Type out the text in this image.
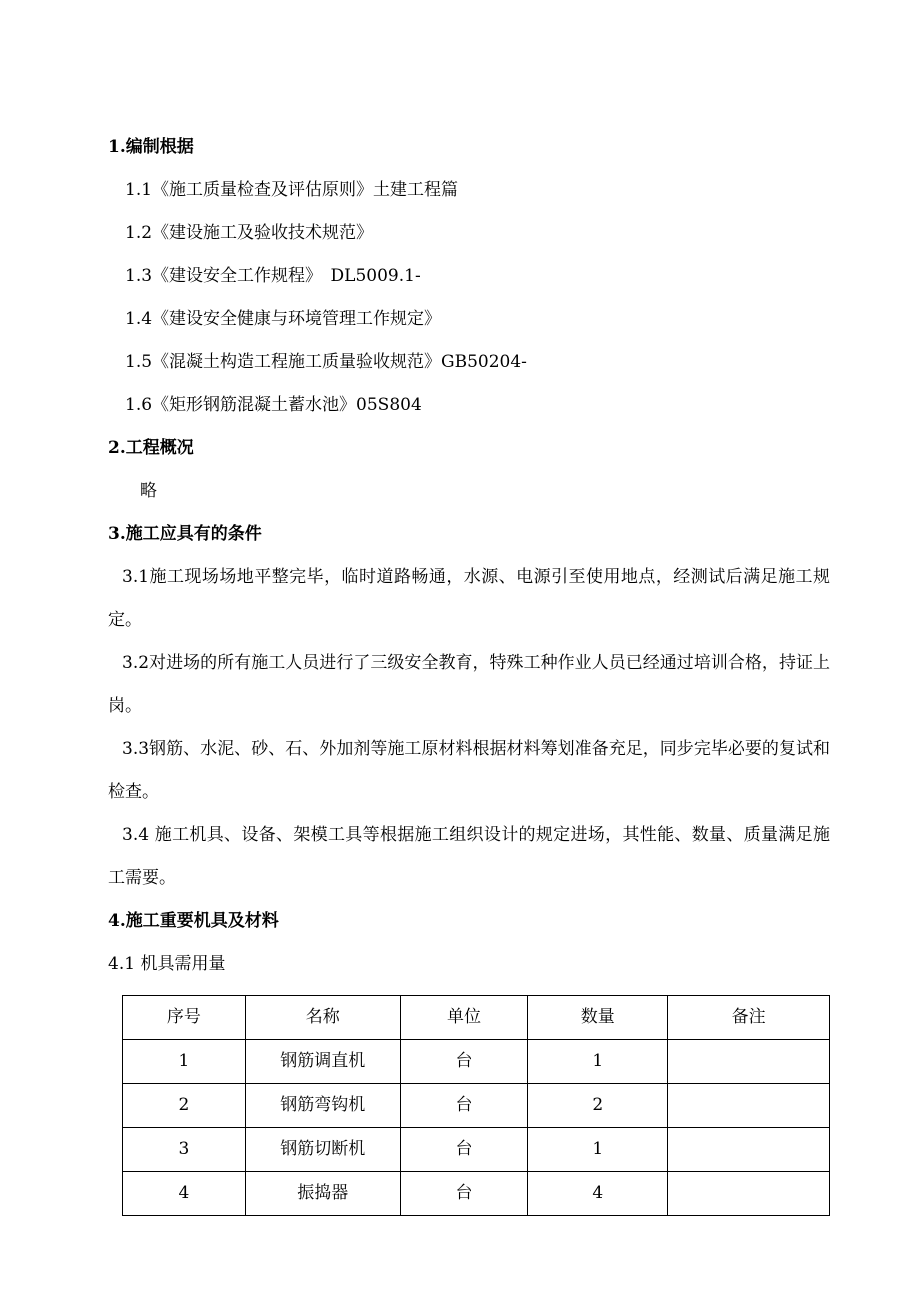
1.编制根据

1.1《施工质量检查及评估原则》土建工程篇

1.2《建设施工及验收技术规范》

1.3《建设安全工作规程》　DL5009.1-

1.4《建设安全健康与环境管理工作规定》

1.5《混凝土构造工程施工质量验收规范》GB50204-

1.6《矩形钢筋混凝土蓄水池》05S804

2.工程概况

略

3.施工应具有的条件

3.1施工现场场地平整完毕，临时道路畅通，水源、电源引至使用地点，经测试后满足施工规定。

3.2对进场的所有施工人员进行了三级安全教育，特殊工种作业人员已经通过培训合格，持证上岗。

3.3钢筋、水泥、砂、石、外加剂等施工原材料根据材料筹划准备充足，同步完毕必要的复试和检查。

3.4 施工机具、设备、架模工具等根据施工组织设计的规定进场，其性能、数量、质量满足施工需要。

4.施工重要机具及材料

4.1 机具需用量

序号	名称	单位	数量	备注
1	钢筋调直机	台	1	
2	钢筋弯钩机	台	2	
3	钢筋切断机	台	1	
4	振捣器	台	4	
